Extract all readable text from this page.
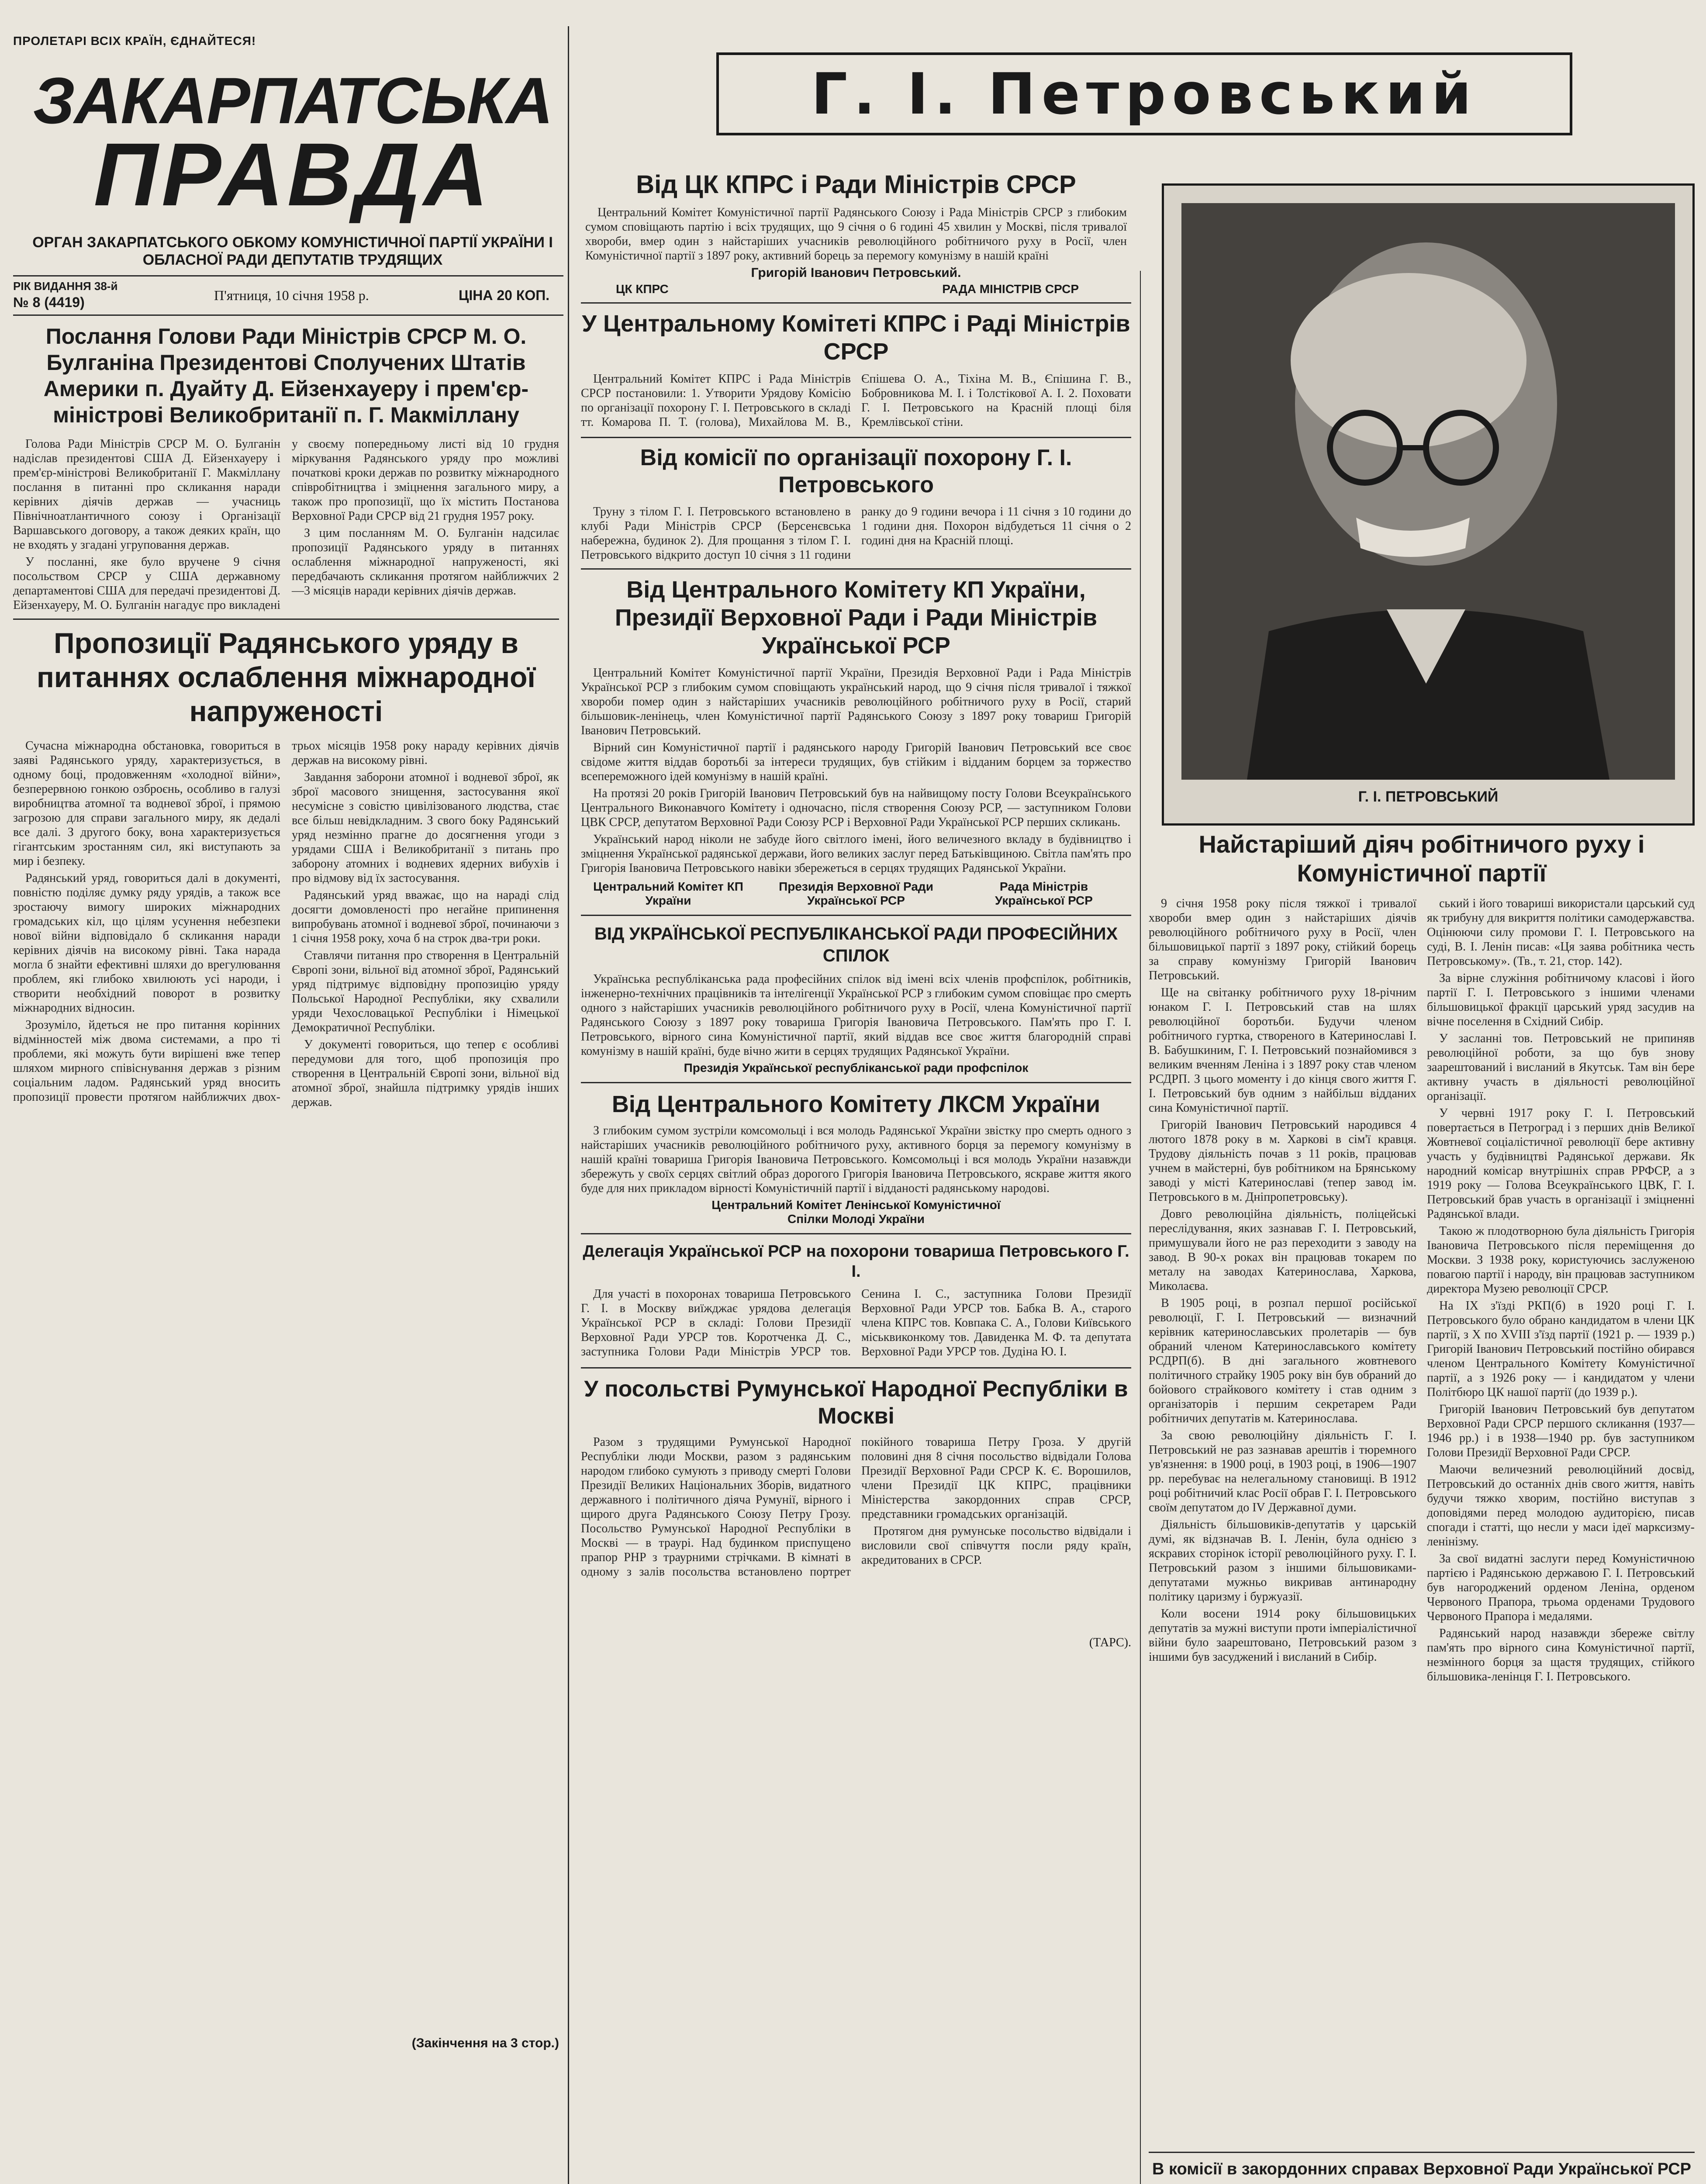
ПРОЛЕТАРІ ВСІХ КРАЇН, ЄДНАЙТЕСЯ!
ЗАКАРПАТСЬКА
ПРАВДА
ОРГАН ЗАКАРПАТСЬКОГО ОБКОМУ КОМУНІСТИЧНОЇ ПАРТІЇ УКРАЇНИ І ОБЛАСНОЇ РАДИ ДЕПУТАТІВ ТРУДЯЩИХ
РІК ВИДАННЯ 38-й
№ 8 (4419)	П'ятниця, 10 січня 1958 р.	ЦІНА 20 КОП.
Послання Голови Ради Міністрів СРСР М. О. Булганіна Президентові Сполучених Штатів Америки п. Дуайту Д. Ейзенхауеру і прем'єр-міністрові Великобританії п. Г. Макміллану

Голова Ради Міністрів СРСР М. О. Булганін надіслав президентові США Д. Ейзенхауеру і прем'єр-міністрові Великобританії Г. Макміллану послання в питанні про скликання наради керівних діячів держав — учасниць Північноатлантичного союзу і Організації Варшавського договору, а також деяких країн, що не входять у згадані угруповання держав.

У посланні, яке було вручене 9 січня посольством СРСР у США державному департаментові США для передачі президентові Д. Ейзенхауеру, М. О. Булганін нагадує про викладені у своєму попередньому листі від 10 грудня міркування Радянського уряду про можливі початкові кроки держав по розвитку міжнародного співробітництва і зміцнення загального миру, а також про пропозиції, що їх містить Постанова Верховної Ради СРСР від 21 грудня 1957 року.

З цим посланням М. О. Булганін надсилає пропозиції Радянського уряду в питаннях ослаблення міжнародної напруженості, які передбачають скликання протягом найближчих 2—3 місяців наради керівних діячів держав.

Пропозиції Радянського уряду в питаннях ослаблення міжнародної напруженості

Сучасна міжнародна обстановка, говориться в заяві Радянського уряду, характеризується, в одному боці, продовженням «холодної війни», безперервною гонкою озброєнь, особливо в галузі виробництва атомної та водневої зброї, і прямою загрозою для справи загального миру, як дедалі все далі. З другого боку, вона характеризується гігантським зростанням сил, які виступають за мир і безпеку.

Радянський уряд, говориться далі в документі, повністю поділяє думку ряду урядів, а також все зростаючу вимогу широких міжнародних громадських кіл, що цілям усунення небезпеки нової війни відповідало б скликання наради керівних діячів на високому рівні. Така нарада могла б знайти ефективні шляхи до врегулювання проблем, які глибоко хвилюють усі народи, і створити необхідний поворот в розвитку міжнародних відносин.

Зрозуміло, йдеться не про питання корінних відмінностей між двома системами, а про ті проблеми, які можуть бути вирішені вже тепер шляхом мирного співіснування держав з різним соціальним ладом. Радянський уряд вносить пропозиції провести протягом найближчих двох-трьох місяців 1958 року нараду керівних діячів держав на високому рівні.

Завдання заборони атомної і водневої зброї, як зброї масового знищення, застосування якої несумісне з совістю цивілізованого людства, стає все більш невідкладним. З свого боку Радянський уряд незмінно прагне до досягнення угоди з урядами США і Великобританії з питань про заборону атомних і водневих ядерних вибухів і про відмову від їх застосування.

Радянський уряд вважає, що на нараді слід досягти домовленості про негайне припинення випробувань атомної і водневої зброї, починаючи з 1 січня 1958 року, хоча б на строк два-три роки.

Ставлячи питання про створення в Центральній Європі зони, вільної від атомної зброї, Радянський уряд підтримує відповідну пропозицію уряду Польської Народної Республіки, яку схвалили уряди Чехословацької Республіки і Німецької Демократичної Республіки.

У документі говориться, що тепер є особливі передумови для того, щоб пропозиція про створення в Центральній Європі зони, вільної від атомної зброї, знайшла підтримку урядів інших держав.

(Закінчення на 3 стор.)
Г. І. Петровський
Г. І. ПЕТРОВСЬКИЙ
Від ЦК КПРС і Ради Міністрів СРСР

Центральний Комітет Комуністичної партії Радянського Союзу і Рада Міністрів СРСР з глибоким сумом сповіщають партію і всіх трудящих, що 9 січня о 6 годині 45 хвилин у Москві, після тривалої хвороби, вмер один з найстаріших учасників революційного робітничого руху в Росії, член Комуністичної партії з 1897 року, активний борець за перемогу комунізму в нашій країні

Григорій Іванович Петровський.
ЦК КПРС	РАДА МІНІСТРІВ СРСР
У Центральному Комітеті КПРС і Раді Міністрів СРСР

Центральний Комітет КПРС і Рада Міністрів СРСР постановили: 1. Утворити Урядову Комісію по організації похорону Г. І. Петровського в складі тт. Комарова П. Т. (голова), Михайлова М. В., Єпішева О. А., Тіхіна М. В., Єпішина Г. В., Бобровникова М. І. і Толстікової А. І. 2. Поховати Г. І. Петровського на Красній площі біля Кремлівської стіни.

Від комісії по організації похорону Г. І. Петровського

Труну з тілом Г. І. Петровського встановлено в клубі Ради Міністрів СРСР (Берсенєвська набережна, будинок 2). Для прощання з тілом Г. І. Петровського відкрито доступ 10 січня з 11 години ранку до 9 години вечора і 11 січня з 10 години до 1 години дня. Похорон відбудеться 11 січня о 2 годині дня на Красній площі.

Від Центрального Комітету КП України, Президії Верховної Ради і Ради Міністрів Української РСР

Центральний Комітет Комуністичної партії України, Президія Верховної Ради і Рада Міністрів Української РСР з глибоким сумом сповіщають український народ, що 9 січня після тривалої і тяжкої хвороби помер один з найстаріших учасників революційного робітничого руху в Росії, старий більшовик-ленінець, член Комуністичної партії Радянського Союзу з 1897 року товариш Григорій Іванович Петровський.

Вірний син Комуністичної партії і радянського народу Григорій Іванович Петровський все своє свідоме життя віддав боротьбі за інтереси трудящих, був стійким і відданим борцем за торжество всепереможного ідей комунізму в нашій країні.

На протязі 20 років Григорій Іванович Петровський був на найвищому посту Голови Всеукраїнського Центрального Виконавчого Комітету і одночасно, після створення Союзу РСР, — заступником Голови ЦВК СРСР, депутатом Верховної Ради Союзу РСР і Верховної Ради Української РСР перших скликань.

Український народ ніколи не забуде його світлого імені, його величезного вкладу в будівництво і зміцнення Української радянської держави, його великих заслуг перед Батьківщиною. Світла пам'ять про Григорія Івановича Петровського навіки збережеться в серцях трудящих Радянської України.

Центральний Комітет КП України
Президія Верховної Ради Української РСР
Рада Міністрів Української РСР
ВІД УКРАЇНСЬКОЇ РЕСПУБЛІКАНСЬКОЇ РАДИ ПРОФЕСІЙНИХ СПІЛОК

Українська республіканська рада професійних спілок від імені всіх членів профспілок, робітників, інженерно-технічних працівників та інтелігенції Української РСР з глибоким сумом сповіщає про смерть одного з найстаріших учасників революційного робітничого руху в Росії, члена Комуністичної партії Радянського Союзу з 1897 року товариша Григорія Івановича Петровського. Пам'ять про Г. І. Петровського, вірного сина Комуністичної партії, який віддав все своє життя благородній справі комунізму в нашій країні, буде вічно жити в серцях трудящих Радянської України.

Президія Української республіканської ради профспілок
Від Центрального Комітету ЛКСМ України

З глибоким сумом зустріли комсомольці і вся молодь Радянської України звістку про смерть одного з найстаріших учасників революційного робітничого руху, активного борця за перемогу комунізму в нашій країні товариша Григорія Івановича Петровського. Комсомольці і вся молодь України назавжди збережуть у своїх серцях світлий образ дорогого Григорія Івановича Петровського, яскраве життя якого буде для них прикладом вірності Комуністичній партії і відданості радянському народові.

Центральний Комітет Ленінської Комуністичної Спілки Молоді України
Делегація Української РСР на похорони товариша Петровського Г. І.

Для участі в похоронах товариша Петровського Г. І. в Москву виїжджає урядова делегація Української РСР в складі: Голови Президії Верховної Ради УРСР тов. Коротченка Д. С., заступника Голови Ради Міністрів УРСР тов. Сенина І. С., заступника Голови Президії Верховної Ради УРСР тов. Бабка В. А., старого члена КПРС тов. Ковпака С. А., Голови Київського міськвиконкому тов. Давиденка М. Ф. та депутата Верховної Ради УРСР тов. Дудіна Ю. І.

У посольстві Румунської Народної Республіки в Москві

Разом з трудящими Румунської Народної Республіки люди Москви, разом з радянським народом глибоко сумують з приводу смерті Голови Президії Великих Національних Зборів, видатного державного і політичного діяча Румунії, вірного і щирого друга Радянського Союзу Петру Грозу. Посольство Румунської Народної Республіки в Москві — в траурі. Над будинком приспущено прапор РНР з траурними стрічками. В кімнаті в одному з залів посольства встановлено портрет покійного товариша Петру Гроза. У другій половині дня 8 січня посольство відвідали Голова Президії Верховної Ради СРСР К. Є. Ворошилов, члени Президії ЦК КПРС, працівники Міністерства закордонних справ СРСР, представники громадських організацій.

Протягом дня румунське посольство відвідали і висловили свої співчуття посли ряду країн, акредитованих в СРСР.

(ТАРС).
Найстаріший діяч робітничого руху і Комуністичної партії

9 січня 1958 року після тяжкої і тривалої хвороби вмер один з найстаріших діячів революційного робітничого руху в Росії, член більшовицької партії з 1897 року, стійкий борець за справу комунізму Григорій Іванович Петровський.

Ще на світанку робітничого руху 18-річним юнаком Г. І. Петровський став на шлях революційної боротьби. Будучи членом робітничого гуртка, створеного в Катеринославі І. В. Бабушкиним, Г. І. Петровський познайомився з великим вченням Леніна і з 1897 року став членом РСДРП. З цього моменту і до кінця свого життя Г. І. Петровський був одним з найбільш відданих сина Комуністичної партії.

Григорій Іванович Петровський народився 4 лютого 1878 року в м. Харкові в сім'ї кравця. Трудову діяльність почав з 11 років, працював учнем в майстерні, був робітником на Брянському заводі у місті Катеринославі (тепер завод ім. Петровського в м. Дніпропетровську).

Довго революційна діяльність, поліцейські переслідування, яких зазнавав Г. І. Петровський, примушували його не раз переходити з заводу на завод. В 90-х роках він працював токарем по металу на заводах Катеринослава, Харкова, Миколаєва.

В 1905 році, в розпал першої російської революції, Г. І. Петровський — визначний керівник катеринославських пролетарів — був обраний членом Катеринославського комітету РСДРП(б). В дні загального жовтневого політичного страйку 1905 року він був обраний до бойового страйкового комітету і став одним з організаторів і першим секретарем Ради робітничих депутатів м. Катеринослава.

За свою революційну діяльність Г. І. Петровський не раз зазнавав арештів і тюремного ув'язнення: в 1900 році, в 1903 році, в 1906—1907 рр. перебуває на нелегальному становищі. В 1912 році робітничий клас Росії обрав Г. І. Петровського своїм депутатом до IV Державної думи.

Діяльність більшовиків-депутатів у царській думі, як відзначав В. І. Ленін, була однією з яскравих сторінок історії революційного руху. Г. І. Петровський разом з іншими більшовиками-депутатами мужньо викривав антинародну політику царизму і буржуазії.

Коли восени 1914 року більшовицьких депутатів за мужні виступи проти імперіалістичної війни було заарештовано, Петровський разом з іншими був засуджений і висланий в Сибір.

ський і його товариші використали царський суд як трибуну для викриття політики самодержавства. Оцінюючи силу промови Г. І. Петровського на суді, В. І. Ленін писав: «Ця заява робітника честь Петровському». (Тв., т. 21, стор. 142).

За вірне служіння робітничому класові і його партії Г. І. Петровського з іншими членами більшовицької фракції царський уряд засудив на вічне поселення в Східний Сибір.

У засланні тов. Петровський не припиняв революційної роботи, за що був знову заарештований і висланий в Якутськ. Там він бере активну участь в діяльності революційної організації.

У червні 1917 року Г. І. Петровський повертається в Петроград і з перших днів Великої Жовтневої соціалістичної революції бере активну участь у будівництві Радянської держави. Як народний комісар внутрішніх справ РРФСР, а з 1919 року — Голова Всеукраїнського ЦВК, Г. І. Петровський брав участь в організації і зміцненні Радянської влади.

Такою ж плодотворною була діяльність Григорія Івановича Петровського після переміщення до Москви. З 1938 року, користуючись заслуженою повагою партії і народу, він працював заступником директора Музею революції СРСР.

На IX з'їзді РКП(б) в 1920 році Г. І. Петровського було обрано кандидатом в члени ЦК партії, з X по XVIII з'їзд партії (1921 р. — 1939 р.) Григорій Іванович Петровський постійно обирався членом Центрального Комітету Комуністичної партії, а з 1926 року — і кандидатом у члени Політбюро ЦК нашої партії (до 1939 р.).

Григорій Іванович Петровський був депутатом Верховної Ради СРСР першого скликання (1937—1946 рр.) і в 1938—1940 рр. був заступником Голови Президії Верховної Ради СРСР.

Маючи величезний революційний досвід, Петровський до останніх днів свого життя, навіть будучи тяжко хворим, постійно виступав з доповідями перед молодою аудиторією, писав спогади і статті, що несли у маси ідеї марксизму-ленінізму.

За свої видатні заслуги перед Комуністичною партією і Радянською державою Г. І. Петровський був нагороджений орденом Леніна, орденом Червоного Прапора, трьома орденами Трудового Червоного Прапора і медалями.

Радянський народ назавжди збереже світлу пам'ять про вірного сина Комуністичної партії, незмінного борця за щастя трудящих, стійкого більшовика-ленінця Г. І. Петровського.

В комісії в закордонних справах Верховної Ради Української РСР
